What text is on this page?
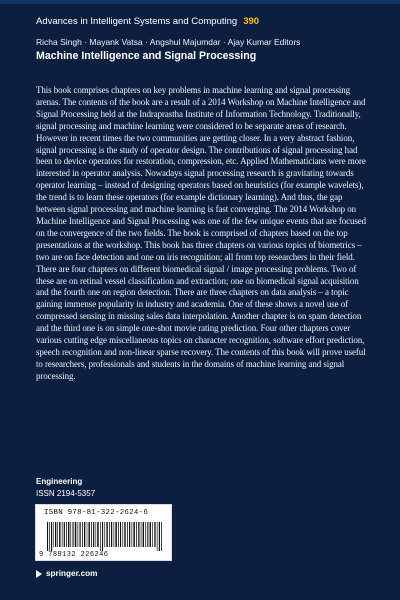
Advances in Intelligent Systems and Computing 390
Richa Singh · Mayank Vatsa · Angshul Majumdar · Ajay Kumar Editors
Machine Intelligence and Signal Processing
This book comprises chapters on key problems in machine learning and signal processing arenas. The contents of the book are a result of a 2014 Workshop on Machine Intelligence and Signal Processing held at the Indraprastha Institute of Information Technology. Traditionally, signal processing and machine learning were considered to be separate areas of research. However in recent times the two communities are getting closer. In a very abstract fashion, signal processing is the study of operator design. The contributions of signal processing had been to device operators for restoration, compression, etc. Applied Mathematicians were more interested in operator analysis. Nowadays signal processing research is gravitating towards operator learning – instead of designing operators based on heuristics (for example wavelets), the trend is to learn these operators (for example dictionary learning). And thus, the gap between signal processing and machine learning is fast converging. The 2014 Workshop on Machine Intelligence and Signal Processing was one of the few unique events that are focused on the convergence of the two fields. The book is comprised of chapters based on the top presentations at the workshop. This book has three chapters on various topics of biometrics – two are on face detection and one on iris recognition; all from top researchers in their field. There are four chapters on different biomedical signal / image processing problems. Two of these are on retinal vessel classification and extraction; one on biomedical signal acquisition and the fourth one on region detection. There are three chapters on data analysis – a topic gaining immense popularity in industry and academia. One of these shows a novel use of compressed sensing in missing sales data interpolation. Another chapter is on spam detection and the third one is on simple one-shot movie rating prediction. Four other chapters cover various cutting edge miscellaneous topics on character recognition, software effort prediction, speech recognition and non-linear sparse recovery. The contents of this book will prove useful to researchers, professionals and students in the domains of machine learning and signal processing.
Engineering
ISSN 2194-5357
ISBN 978-81-322-2624-6
9 788132 226246
springer.com
